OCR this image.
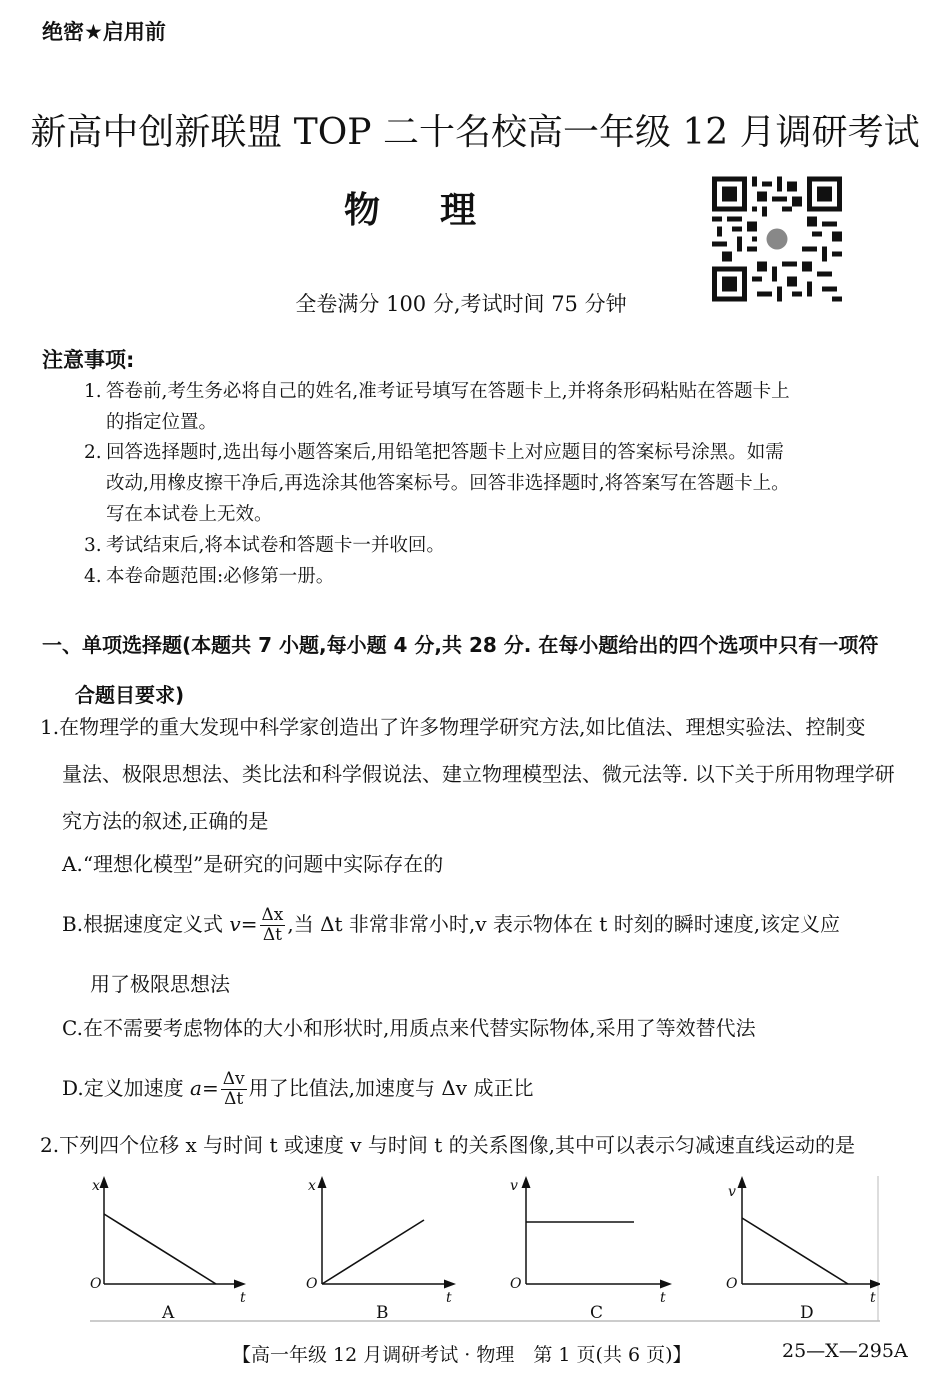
绝密★启用前
新高中创新联盟 TOP 二十名校高一年级 12 月调研考试
物理
全卷满分 100 分,考试时间 75 分钟
注意事项:
1. 答卷前,考生务必将自己的姓名,准考证号填写在答题卡上,并将条形码粘贴在答题卡上
的指定位置。
2. 回答选择题时,选出每小题答案后,用铅笔把答题卡上对应题目的答案标号涂黑。如需
改动,用橡皮擦干净后,再选涂其他答案标号。回答非选择题时,将答案写在答题卡上。
写在本试卷上无效。
3. 考试结束后,将本试卷和答题卡一并收回。
4. 本卷命题范围:必修第一册。
一、单项选择题(本题共 7 小题,每小题 4 分,共 28 分. 在每小题给出的四个选项中只有一项符
合题目要求)
1.在物理学的重大发现中科学家创造出了许多物理学研究方法,如比值法、理想实验法、控制变
量法、极限思想法、类比法和科学假说法、建立物理模型法、微元法等. 以下关于所用物理学研
究方法的叙述,正确的是
A.“理想化模型”是研究的问题中实际存在的
B.根据速度定义式 $v= \frac{\Delta x}{\Delta t}$ ,当 Δt 非常非常小时,v 表示物体在 t 时刻的瞬时速度,该定义应
用了极限思想法
C.在不需要考虑物体的大小和形状时,用质点来代替实际物体,采用了等效替代法
D.定义加速度 $a= \frac{\Delta v}{\Delta t}$ 用了比值法,加速度与 Δv 成正比
2.下列四个位移 x 与时间 t 或速度 v 与时间 t 的关系图像,其中可以表示匀减速直线运动的是
x
O
t
A
x
O
t
B
v
O
t
C
v
O
t
D
【高一年级 12 月调研考试 · 物理　第 1 页(共 6 页)】	25—X—295A
